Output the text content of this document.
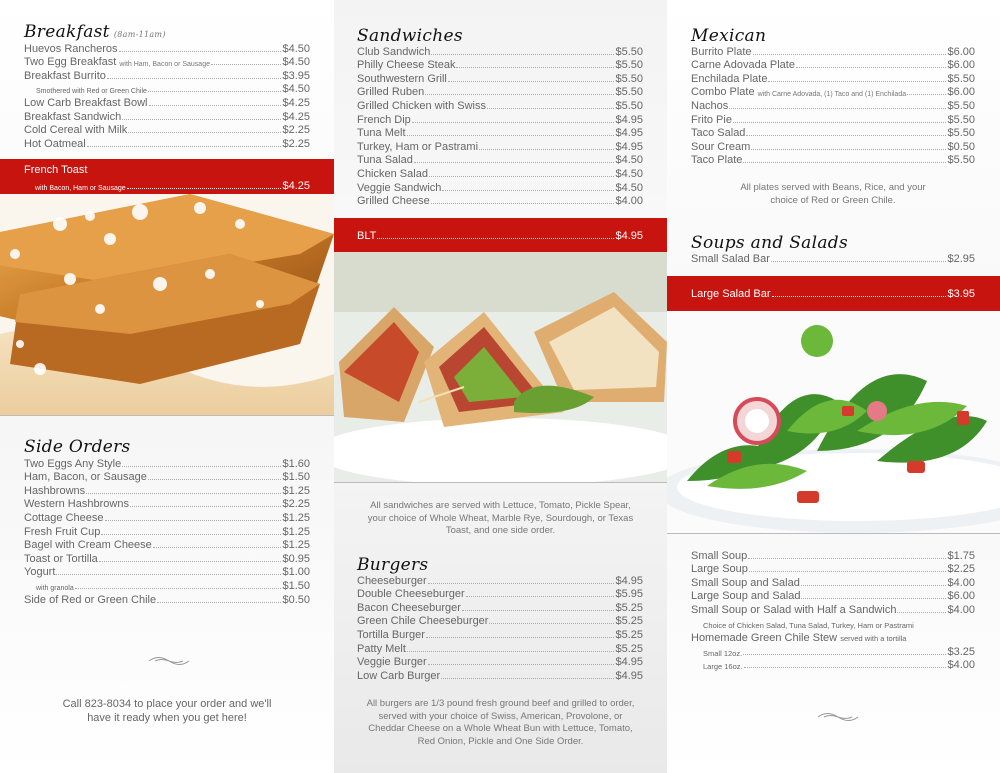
Breakfast (8am-11am)
Huevos Rancheros	$4.50
Two Egg Breakfast with Ham, Bacon or Sausage	$4.50
Breakfast Burrito	$3.95
Smothered with Red or Green Chile	$4.50
Low Carb Breakfast Bowl	$4.25
Breakfast Sandwich	$4.25
Cold Cereal with Milk	$2.25
Hot Oatmeal	$2.25
French Toast
with Bacon, Ham or Sausage	$4.25
Side Orders
Two Eggs Any Style	$1.60
Ham, Bacon, or Sausage	$1.50
Hashbrowns	$1.25
Western Hashbrowns	$2.25
Cottage Cheese	$1.25
Fresh Fruit Cup	$1.25
Bagel with Cream Cheese	$1.25
Toast or Tortilla	$0.95
Yogurt	$1.00
with granola	$1.50
Side of Red or Green Chile	$0.50
Call 823-8034 to place your order and we'll have it ready when you get here!
Sandwiches
Club Sandwich	$5.50
Philly Cheese Steak	$5.50
Southwestern Grill	$5.50
Grilled Ruben	$5.50
Grilled Chicken with Swiss	$5.50
French Dip	$4.95
Tuna Melt	$4.95
Turkey, Ham or Pastrami	$4.95
Tuna Salad	$4.50
Chicken Salad	$4.50
Veggie Sandwich	$4.50
Grilled Cheese	$4.00
BLT	$4.95
All sandwiches are served with Lettuce, Tomato, Pickle Spear, your choice of Whole Wheat, Marble Rye, Sourdough, or Texas Toast, and one side order.
Burgers
Cheeseburger	$4.95
Double Cheeseburger	$5.95
Bacon Cheeseburger	$5.25
Green Chile Cheeseburger	$5.25
Tortilla Burger	$5.25
Patty Melt	$5.25
Veggie Burger	$4.95
Low Carb Burger	$4.95
All burgers are 1/3 pound fresh ground beef and grilled to order, served with your choice of Swiss, American, Provolone, or Cheddar Cheese on a Whole Wheat Bun with Lettuce, Tomato, Red Onion, Pickle and One Side Order.
Mexican
Burrito Plate	$6.00
Carne Adovada Plate	$6.00
Enchilada Plate	$5.50
Combo Plate with Carne Adovada, (1) Taco and (1) Enchilada	$6.00
Nachos	$5.50
Frito Pie	$5.50
Taco Salad	$5.50
Sour Cream	$0.50
Taco Plate	$5.50
All plates served with Beans, Rice, and your choice of Red or Green Chile.
Soups and Salads
Small Salad Bar	$2.95
Large Salad Bar	$3.95
Small Soup	$1.75
Large Soup	$2.25
Small Soup and Salad	$4.00
Large Soup and Salad	$6.00
Small Soup or Salad with Half a Sandwich	$4.00
Choice of Chicken Salad, Tuna Salad, Turkey, Ham or Pastrami
Homemade Green Chile Stew served with a tortilla
Small 12oz.	$3.25
Large 16oz.	$4.00
